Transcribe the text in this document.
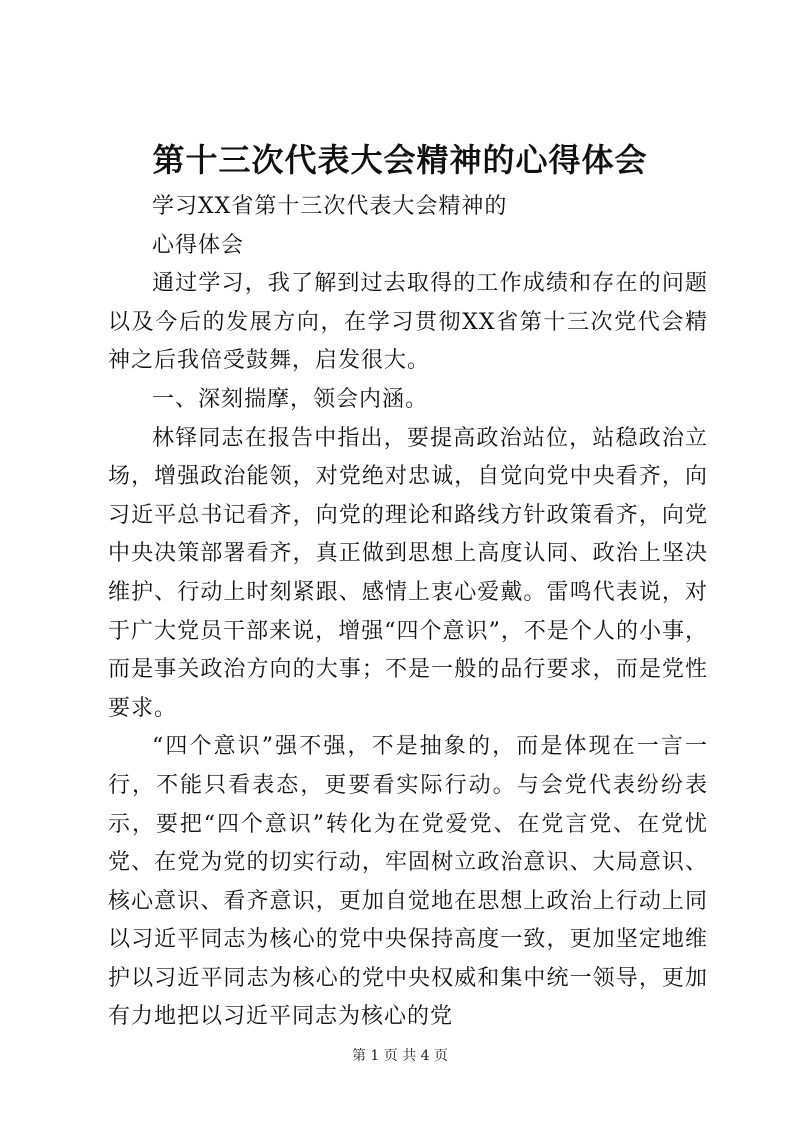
第十三次代表大会精神的心得体会

学习XX省第十三次代表大会精神的

心得体会

通过学习，我了解到过去取得的工作成绩和存在的问题以及今后的发展方向，在学习贯彻XX省第十三次党代会精神之后我倍受鼓舞，启发很大。

一、深刻揣摩，领会内涵。

林铎同志在报告中指出，要提高政治站位，站稳政治立场，增强政治能领，对党绝对忠诚，自觉向党中央看齐，向习近平总书记看齐，向党的理论和路线方针政策看齐，向党中央决策部署看齐，真正做到思想上高度认同、政治上坚决维护、行动上时刻紧跟、感情上衷心爱戴。雷鸣代表说，对于广大党员干部来说，增强“四个意识”，不是个人的小事，而是事关政治方向的大事；不是一般的品行要求，而是党性要求。

“四个意识”强不强，不是抽象的，而是体现在一言一行，不能只看表态，更要看实际行动。与会党代表纷纷表示，要把“四个意识”转化为在党爱党、在党言党、在党忧党、在党为党的切实行动，牢固树立政治意识、大局意识、核心意识、看齐意识，更加自觉地在思想上政治上行动上同以习近平同志为核心的党中央保持高度一致，更加坚定地维护以习近平同志为核心的党中央权威和集中统一领导，更加有力地把以习近平同志为核心的党

第 1 页 共 4 页
